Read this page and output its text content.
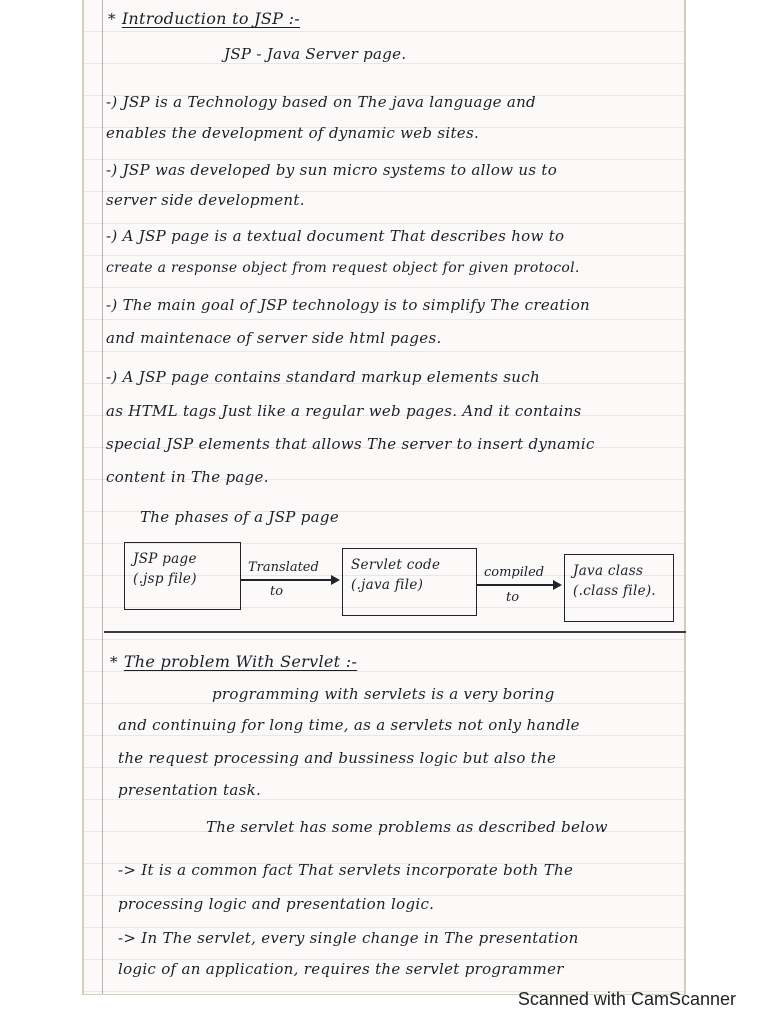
* Introduction to JSP :-
JSP - Java Server page.
-) JSP is a Technology based on The java language and
enables the development of dynamic web sites.
-) JSP was developed by sun micro systems to allow us to
server side development.
-) A JSP page is a textual document That describes how to
create a response object from request object for given protocol.
-) The main goal of JSP technology is to simplify The creation
and maintenace of server side html pages.
-) A JSP page contains standard markup elements such
as HTML tags Just like a regular web pages. And it contains
special JSP elements that allows The server to insert dynamic
content in The page.
The phases of a JSP page
JSP page
(.jsp file)
Translated
to
Servlet code
(.java file)
compiled
to
Java class
(.class file).
* The problem With Servlet :-
programming with servlets is a very boring
and continuing for long time, as a servlets not only handle
the request processing and bussiness logic but also the
presentation task.
The servlet has some problems as described below
-> It is a common fact That servlets incorporate both The
processing logic and presentation logic.
-> In The servlet, every single change in The presentation
logic of an application, requires the servlet programmer
Scanned with CamScanner
